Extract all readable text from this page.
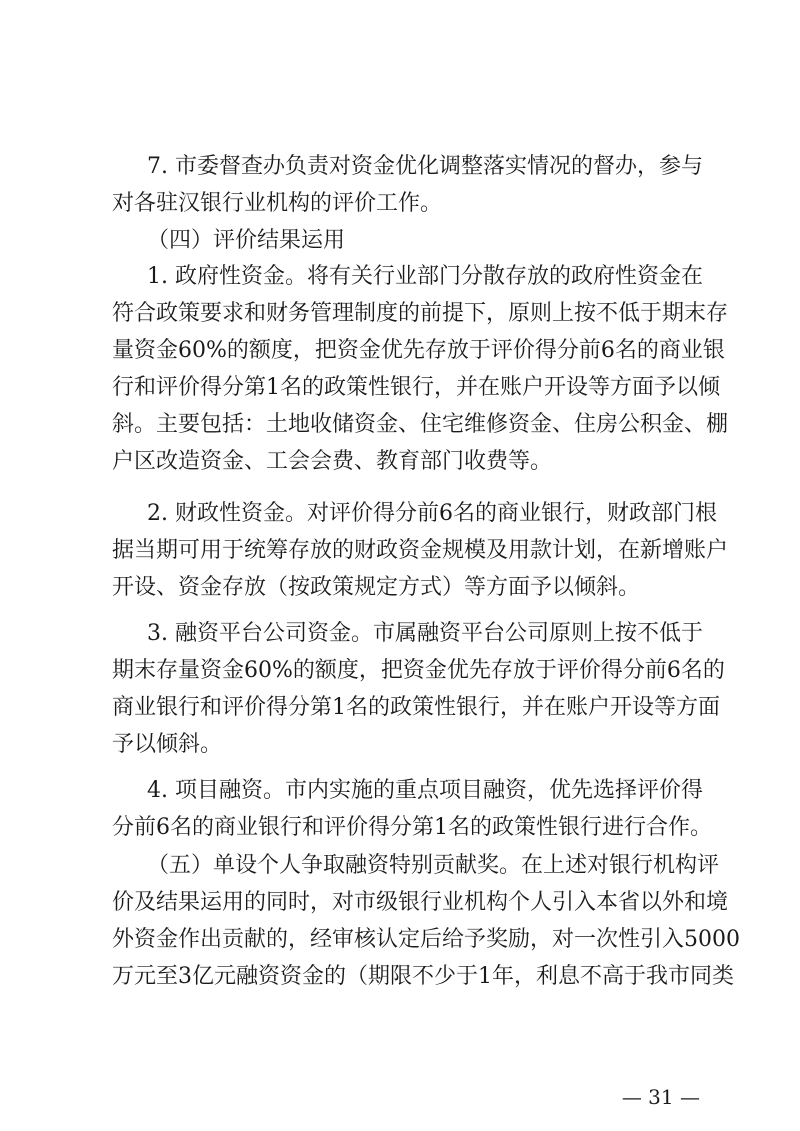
7. 市委督查办负责对资金优化调整落实情况的督办，参与
对各驻汉银行业机构的评价工作。
（四）评价结果运用
1. 政府性资金。将有关行业部门分散存放的政府性资金在
符合政策要求和财务管理制度的前提下，原则上按不低于期末存
量资金60%的额度，把资金优先存放于评价得分前6名的商业银
行和评价得分第1名的政策性银行，并在账户开设等方面予以倾
斜。主要包括：土地收储资金、住宅维修资金、住房公积金、棚
户区改造资金、工会会费、教育部门收费等。
2. 财政性资金。对评价得分前6名的商业银行，财政部门根
据当期可用于统筹存放的财政资金规模及用款计划，在新增账户
开设、资金存放（按政策规定方式）等方面予以倾斜。
3. 融资平台公司资金。市属融资平台公司原则上按不低于
期末存量资金60%的额度，把资金优先存放于评价得分前6名的
商业银行和评价得分第1名的政策性银行，并在账户开设等方面
予以倾斜。
4. 项目融资。市内实施的重点项目融资，优先选择评价得
分前6名的商业银行和评价得分第1名的政策性银行进行合作。
（五）单设个人争取融资特别贡献奖。在上述对银行机构评
价及结果运用的同时，对市级银行业机构个人引入本省以外和境
外资金作出贡献的，经审核认定后给予奖励，对一次性引入5000
万元至3亿元融资资金的（期限不少于1年，利息不高于我市同类
— 31 —
